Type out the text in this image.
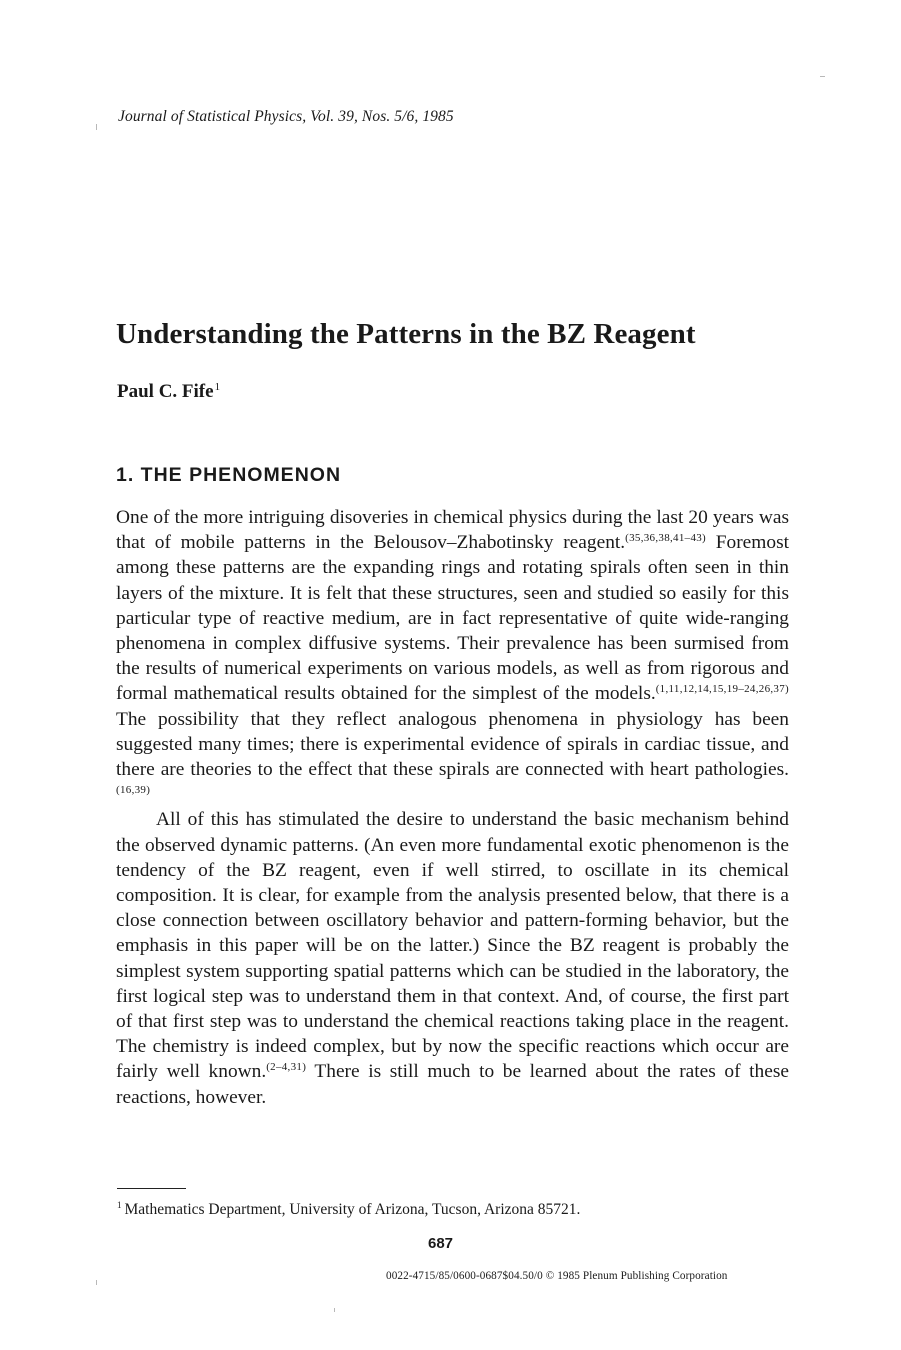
Journal of Statistical Physics, Vol. 39, Nos. 5/6, 1985
Understanding the Patterns in the BZ Reagent
Paul C. Fife$^1$
1. THE PHENOMENON

One of the more intriguing disoveries in chemical physics during the last 20 years was that of mobile patterns in the Belousov–Zhabotinsky reagent.$^{(35,36,38,41-43)}$ Foremost among these patterns are the expanding rings and rotating spirals often seen in thin layers of the mixture. It is felt that these structures, seen and studied so easily for this particular type of reactive medium, are in fact representative of quite wide-ranging phenomena in complex diffusive systems. Their prevalence has been surmised from the results of numerical experiments on various models, as well as from rigorous and formal mathematical results obtained for the simplest of the models.$^{(1,11,12,14,15,19-24,26,37)}$ The possibility that they reflect analogous phenomena in physiology has been suggested many times; there is experimental evidence of spirals in cardiac tissue, and there are theories to the effect that these spirals are connected with heart pathologies.$^{(16,39)}$

All of this has stimulated the desire to understand the basic mechanism behind the observed dynamic patterns. (An even more fundamental exotic phenomenon is the tendency of the BZ reagent, even if well stirred, to oscillate in its chemical composition. It is clear, for example from the analysis presented below, that there is a close connection between oscillatory behavior and pattern-forming behavior, but the emphasis in this paper will be on the latter.) Since the BZ reagent is probably the simplest system supporting spatial patterns which can be studied in the laboratory, the first logical step was to understand them in that context. And, of course, the first part of that first step was to understand the chemical reactions taking place in the reagent. The chemistry is indeed complex, but by now the specific reactions which occur are fairly well known.$^{(2-4,31)}$ There is still much to be learned about the rates of these reactions, however.

$^1$ Mathematics Department, University of Arizona, Tucson, Arizona 85721.
687
0022-4715/85/0600-0687$04.50/0 © 1985 Plenum Publishing Corporation
